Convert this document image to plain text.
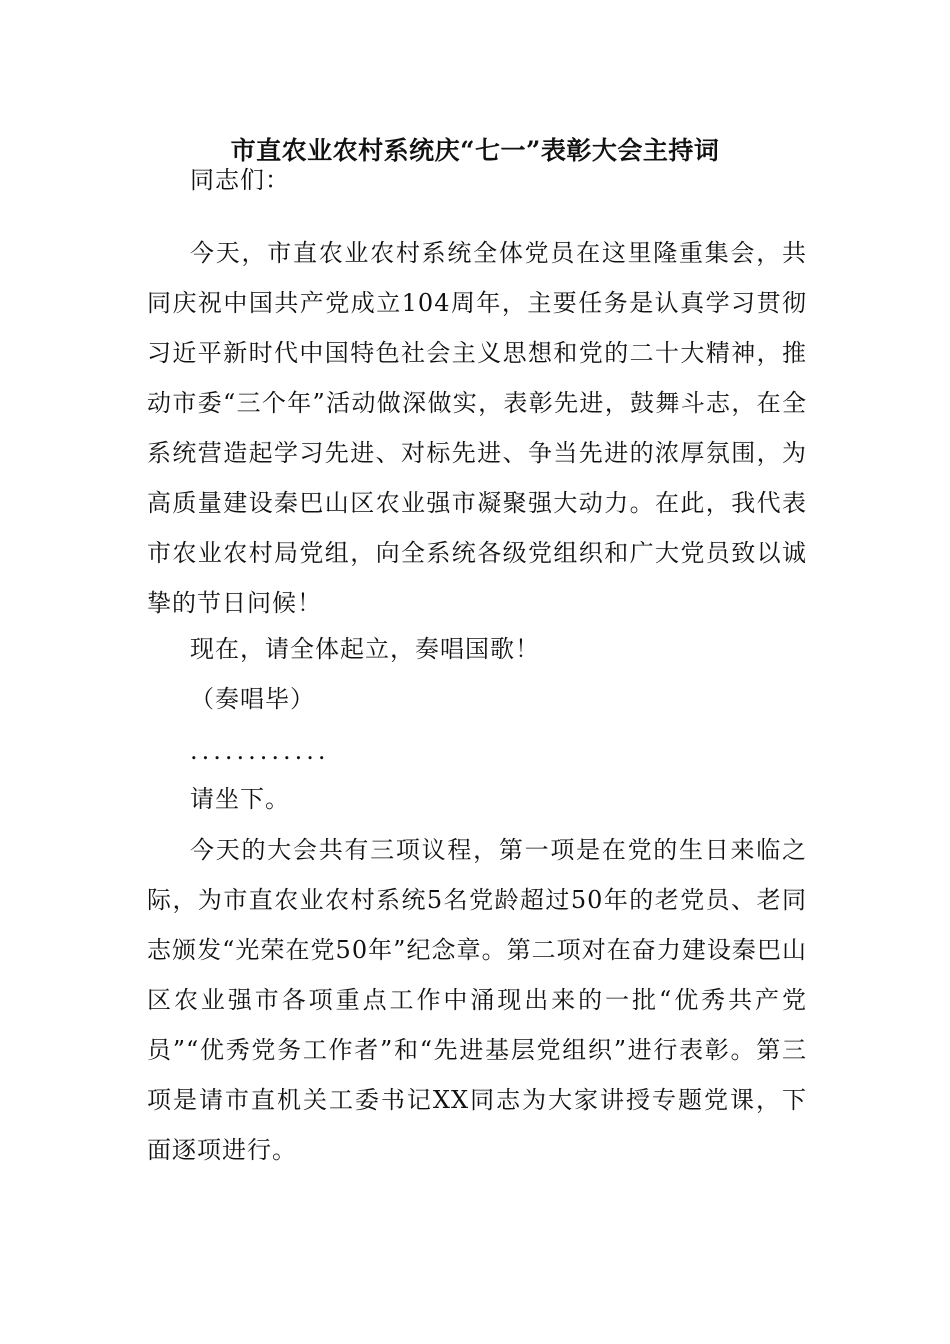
市直农业农村系统庆“七一”表彰大会主持词

同志们：

今天，市直农业农村系统全体党员在这里隆重集会，共同庆祝中国共产党成立104周年，主要任务是认真学习贯彻习近平新时代中国特色社会主义思想和党的二十大精神，推动市委“三个年”活动做深做实，表彰先进，鼓舞斗志，在全系统营造起学习先进、对标先进、争当先进的浓厚氛围，为高质量建设秦巴山区农业强市凝聚强大动力。在此，我代表市农业农村局党组，向全系统各级党组织和广大党员致以诚挚的节日问候！

现在，请全体起立，奏唱国歌！

（奏唱毕）

............

请坐下。

今天的大会共有三项议程，第一项是在党的生日来临之际，为市直农业农村系统5名党龄超过50年的老党员、老同志颁发“光荣在党50年”纪念章。第二项对在奋力建设秦巴山区农业强市各项重点工作中涌现出来的一批“优秀共产党员”“优秀党务工作者”和“先进基层党组织”进行表彰。第三项是请市直机关工委书记XX同志为大家讲授专题党课，下面逐项进行。
